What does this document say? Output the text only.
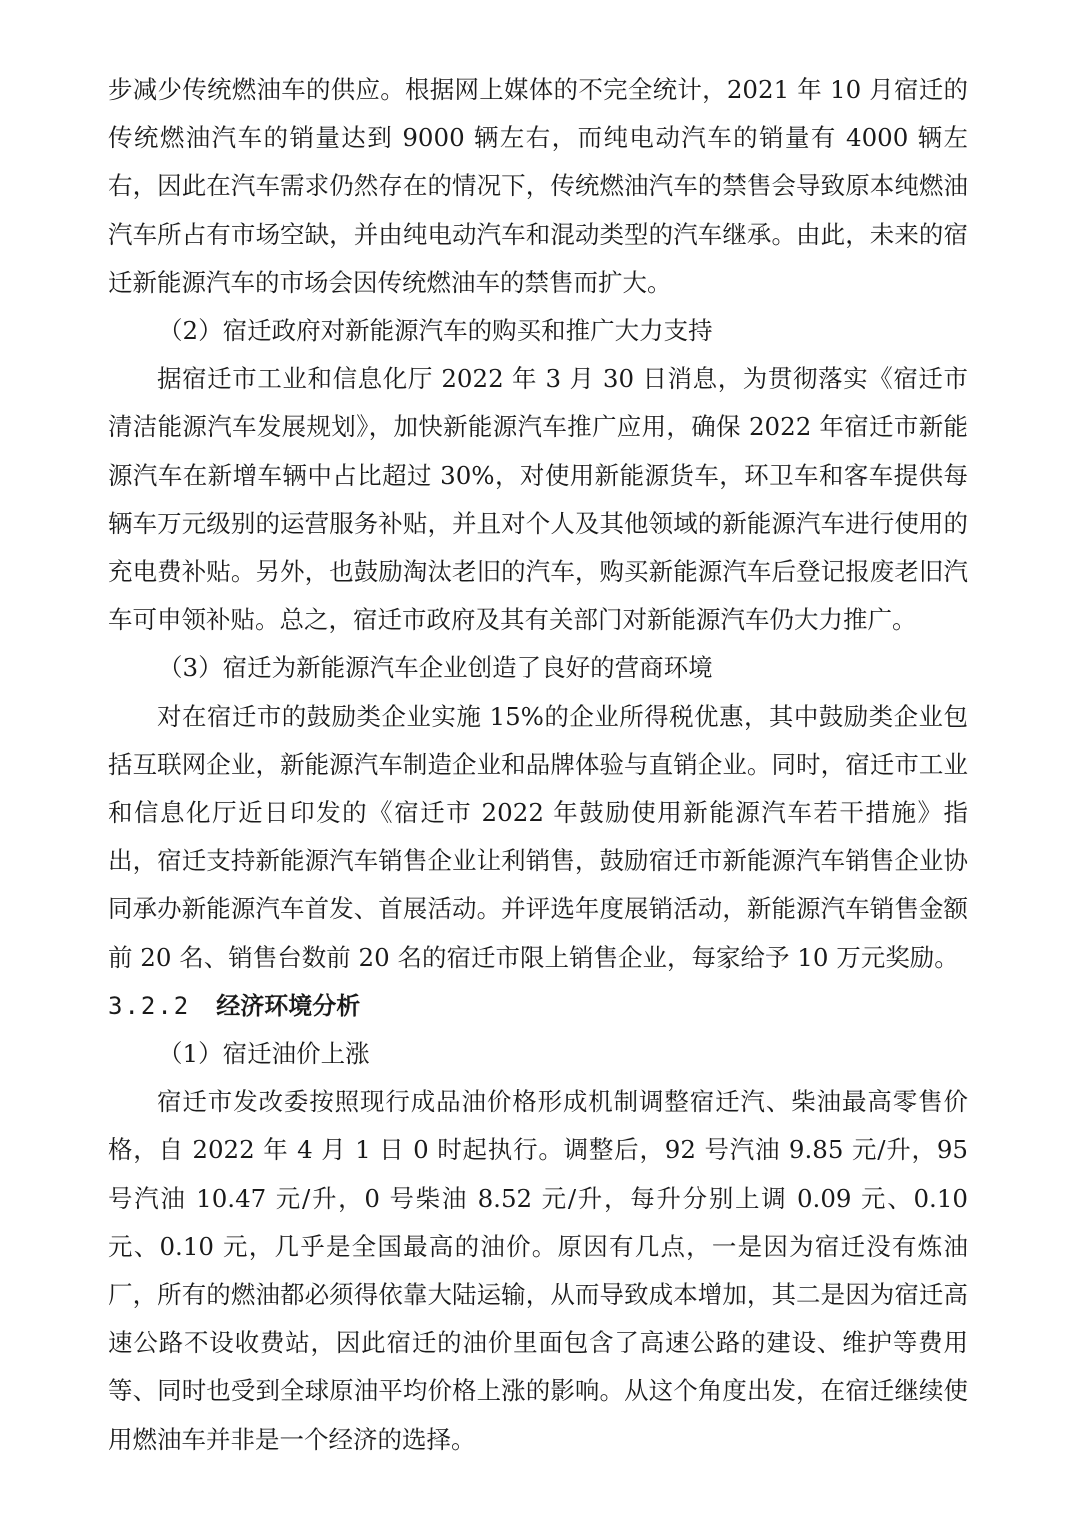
步减少传统燃油车的供应。根据网上媒体的不完全统计，2021 年 10 月宿迁的传统燃油汽车的销量达到 9000 辆左右，而纯电动汽车的销量有 4000 辆左右，因此在汽车需求仍然存在的情况下，传统燃油汽车的禁售会导致原本纯燃油汽车所占有市场空缺，并由纯电动汽车和混动类型的汽车继承。由此，未来的宿迁新能源汽车的市场会因传统燃油车的禁售而扩大。

（2）宿迁政府对新能源汽车的购买和推广大力支持

据宿迁市工业和信息化厅 2022 年 3 月 30 日消息，为贯彻落实《宿迁市清洁能源汽车发展规划》，加快新能源汽车推广应用，确保 2022 年宿迁市新能源汽车在新增车辆中占比超过 30%，对使用新能源货车，环卫车和客车提供每辆车万元级别的运营服务补贴，并且对个人及其他领域的新能源汽车进行使用的充电费补贴。另外，也鼓励淘汰老旧的汽车，购买新能源汽车后登记报废老旧汽车可申领补贴。总之，宿迁市政府及其有关部门对新能源汽车仍大力推广。

（3）宿迁为新能源汽车企业创造了良好的营商环境

对在宿迁市的鼓励类企业实施 15%的企业所得税优惠，其中鼓励类企业包括互联网企业，新能源汽车制造企业和品牌体验与直销企业。同时，宿迁市工业和信息化厅近日印发的《宿迁市 2022 年鼓励使用新能源汽车若干措施》指出，宿迁支持新能源汽车销售企业让利销售，鼓励宿迁市新能源汽车销售企业协同承办新能源汽车首发、首展活动。并评选年度展销活动，新能源汽车销售金额前 20 名、销售台数前 20 名的宿迁市限上销售企业，每家给予 10 万元奖励。

3.2.2 经济环境分析

（1）宿迁油价上涨

宿迁市发改委按照现行成品油价格形成机制调整宿迁汽、柴油最高零售价格，自 2022 年 4 月 1 日 0 时起执行。调整后，92 号汽油 9.85 元/升，95 号汽油 10.47 元/升，0 号柴油 8.52 元/升，每升分别上调 0.09 元、0.10 元、0.10 元，几乎是全国最高的油价。原因有几点，一是因为宿迁没有炼油厂，所有的燃油都必须得依靠大陆运输，从而导致成本增加，其二是因为宿迁高速公路不设收费站，因此宿迁的油价里面包含了高速公路的建设、维护等费用等、同时也受到全球原油平均价格上涨的影响。从这个角度出发，在宿迁继续使用燃油车并非是一个经济的选择。
